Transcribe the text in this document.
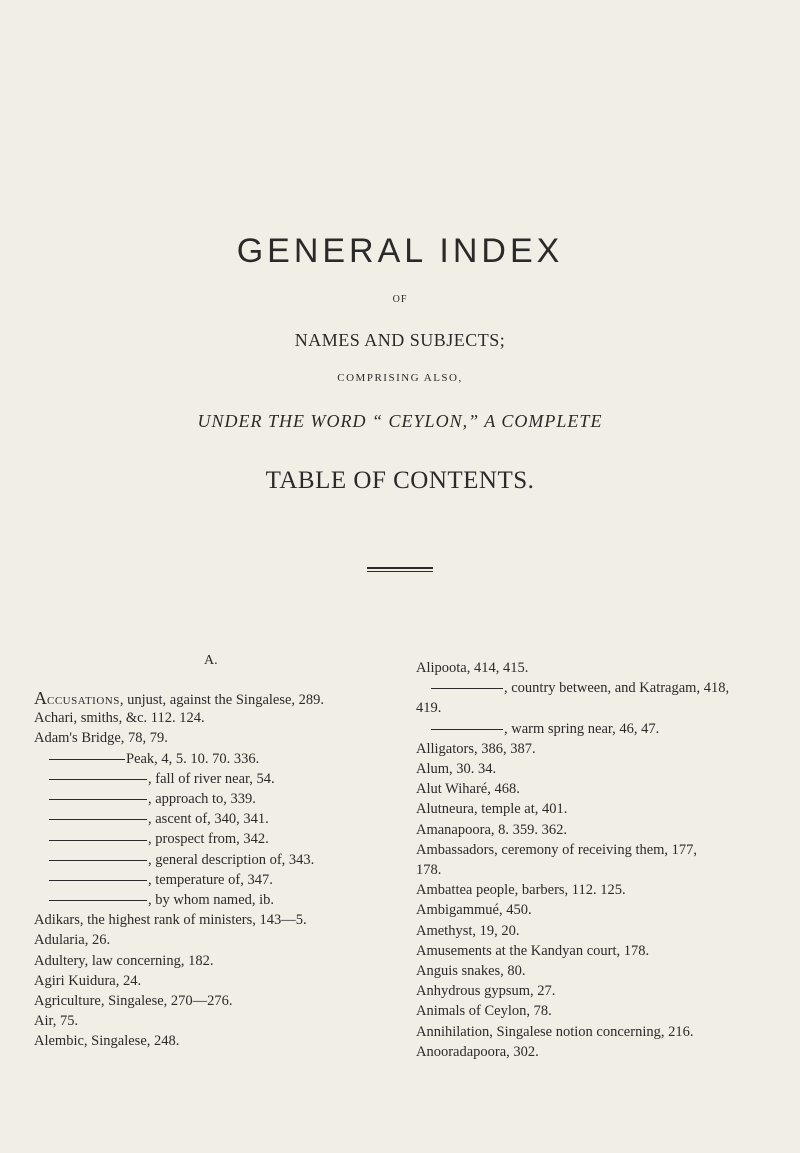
GENERAL INDEX
OF
NAMES AND SUBJECTS;
COMPRISING ALSO,
UNDER THE WORD “ CEYLON,” A COMPLETE
TABLE OF CONTENTS.
A.
ACCUSATIONS, unjust, against the Singalese, 289.
Achari, smiths, &c. 112. 124.
Adam's Bridge, 78, 79.
Peak, 4, 5. 10. 70. 336.
, fall of river near, 54.
, approach to, 339.
, ascent of, 340, 341.
, prospect from, 342.
, general description of, 343.
, temperature of, 347.
, by whom named, ib.
Adikars, the highest rank of ministers, 143—5.
Adularia, 26.
Adultery, law concerning, 182.
Agiri Kuidura, 24.
Agriculture, Singalese, 270—276.
Air, 75.
Alembic, Singalese, 248.
Alipoota, 414, 415.
, country between, and Katragam, 418,
419.
, warm spring near, 46, 47.
Alligators, 386, 387.
Alum, 30. 34.
Alut Wiharé, 468.
Alutneura, temple at, 401.
Amanapoora, 8. 359. 362.
Ambassadors, ceremony of receiving them, 177,
178.
Ambattea people, barbers, 112. 125.
Ambigammué, 450.
Amethyst, 19, 20.
Amusements at the Kandyan court, 178.
Anguis snakes, 80.
Anhydrous gypsum, 27.
Animals of Ceylon, 78.
Annihilation, Singalese notion concerning, 216.
Anooradapoora, 302.
